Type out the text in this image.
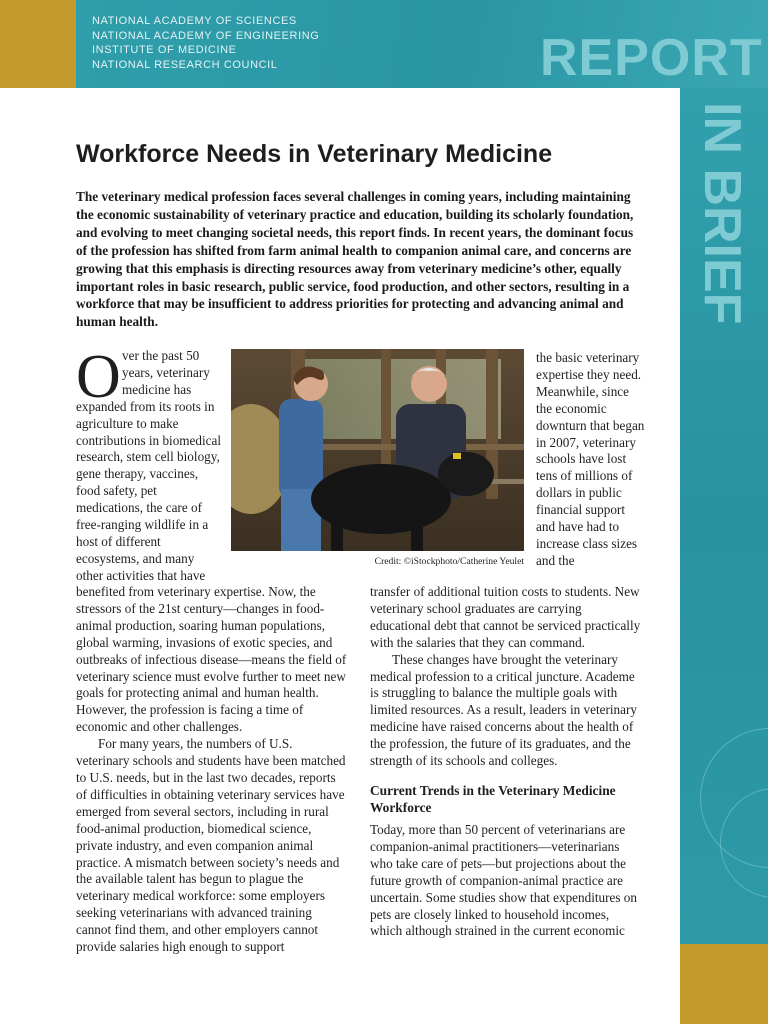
NATIONAL ACADEMY OF SCIENCES
NATIONAL ACADEMY OF ENGINEERING
INSTITUTE OF MEDICINE
NATIONAL RESEARCH COUNCIL	REPORT
IN BRIEF
Workforce Needs in Veterinary Medicine

The veterinary medical profession faces several challenges in coming years, including maintaining the economic sustainability of veterinary practice and education, building its scholarly foundation, and evolving to meet changing societal needs, this report finds. In recent years, the dominant focus of the profession has shifted from farm animal health to companion animal care, and concerns are growing that this emphasis is directing resources away from veterinary medicine’s other, equally important roles in basic research, public service, food production, and other sectors, resulting in a workforce that may be insufficient to address priorities for protecting and advancing animal and human health.

O ver the past 50 years, veterinary medicine has expanded from its roots in agriculture to make contributions in biomedical research, stem cell biology, gene therapy, vaccines, food safety, pet medications, the care of free-ranging wildlife in a host of different ecosystems, and many other activities that have

Credit: ©iStockphoto/Catherine Yeulet

the basic veterinary expertise they need. Meanwhile, since the economic downturn that began in 2007, veterinary schools have lost tens of millions of dollars in public financial support and have had to increase class sizes and the

benefited from veterinary expertise. Now, the stressors of the 21st century—changes in food-animal production, soaring human populations, global warming, invasions of exotic species, and outbreaks of infectious disease—means the field of veterinary science must evolve further to meet new goals for protecting animal and human health. However, the profession is facing a time of economic and other challenges.

For many years, the numbers of U.S. veterinary schools and students have been matched to U.S. needs, but in the last two decades, reports of difficulties in obtaining veterinary services have emerged from several sectors, including in rural food-animal production, biomedical science, private industry, and even companion animal practice. A mismatch between society’s needs and the available talent has begun to plague the veterinary medical workforce: some employers seeking veterinarians with advanced training cannot find them, and other employers cannot provide salaries high enough to support

transfer of additional tuition costs to students. New veterinary school graduates are carrying educational debt that cannot be serviced practically with the salaries that they can command.

These changes have brought the veterinary medical profession to a critical juncture. Academe is struggling to balance the multiple goals with limited resources. As a result, leaders in veterinary medicine have raised concerns about the health of the profession, the future of its graduates, and the strength of its schools and colleges.

Current Trends in the Veterinary Medicine Workforce

Today, more than 50 percent of veterinarians are companion-animal practitioners—veterinarians who take care of pets—but projections about the future growth of companion-animal practice are uncertain. Some studies show that expenditures on pets are closely linked to household incomes, which although strained in the current economic
